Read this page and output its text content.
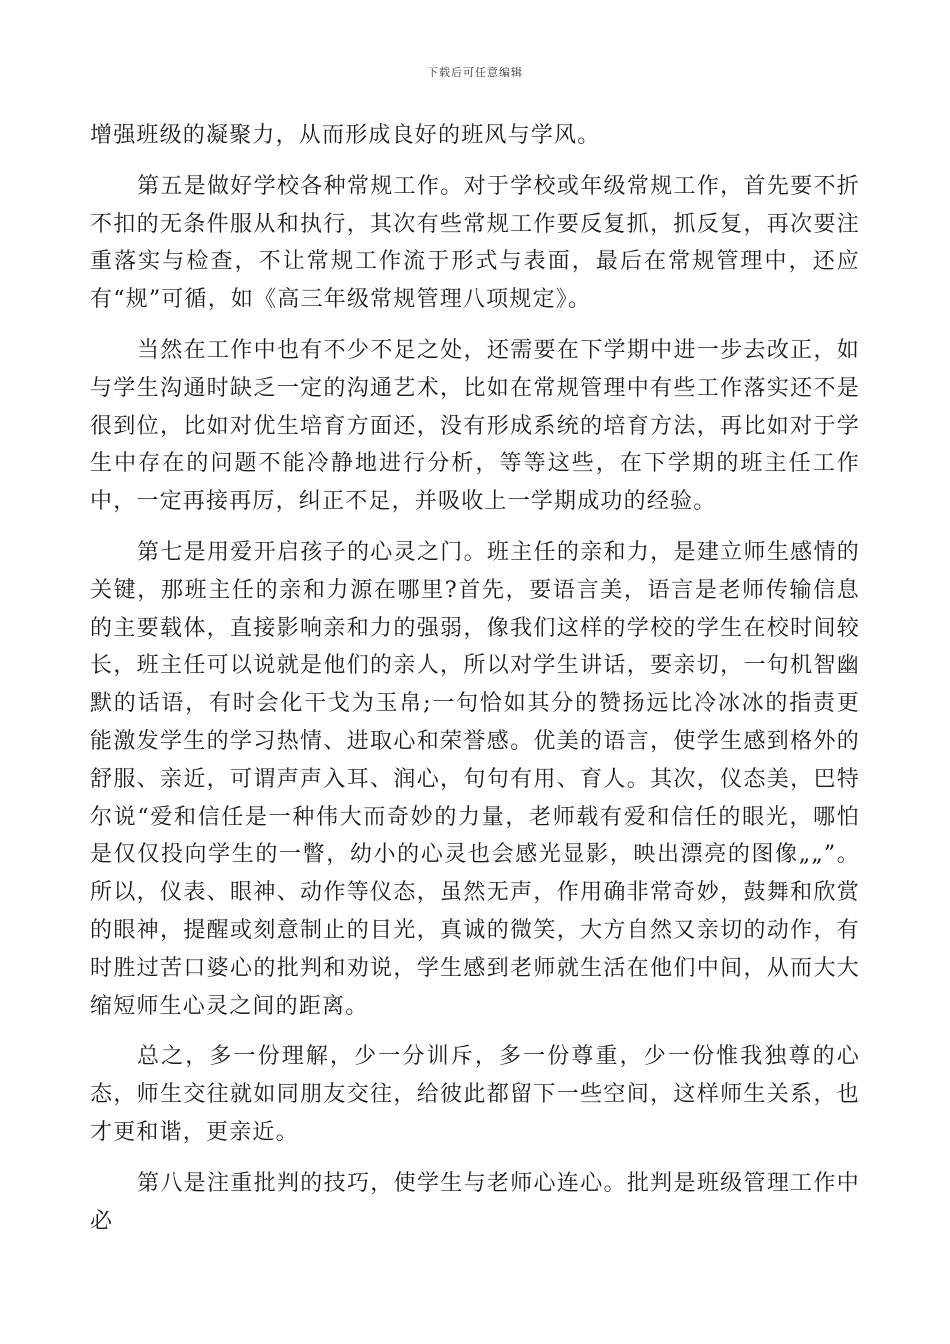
下载后可任意编辑

增强班级的凝聚力，从而形成良好的班风与学风。

第五是做好学校各种常规工作。对于学校或年级常规工作，首先要不折不扣的无条件服从和执行，其次有些常规工作要反复抓，抓反复，再次要注重落实与检查，不让常规工作流于形式与表面，最后在常规管理中，还应有“规”可循，如《高三年级常规管理八项规定》。

当然在工作中也有不少不足之处，还需要在下学期中进一步去改正，如与学生沟通时缺乏一定的沟通艺术，比如在常规管理中有些工作落实还不是很到位，比如对优生培育方面还，没有形成系统的培育方法，再比如对于学生中存在的问题不能冷静地进行分析，等等这些，在下学期的班主任工作中，一定再接再厉，纠正不足，并吸收上一学期成功的经验。

第七是用爱开启孩子的心灵之门。班主任的亲和力，是建立师生感情的关键，那班主任的亲和力源在哪里?首先，要语言美，语言是老师传输信息的主要载体，直接影响亲和力的强弱，像我们这样的学校的学生在校时间较长，班主任可以说就是他们的亲人，所以对学生讲话，要亲切，一句机智幽默的话语，有时会化干戈为玉帛;一句恰如其分的赞扬远比冷冰冰的指责更能激发学生的学习热情、进取心和荣誉感。优美的语言，使学生感到格外的舒服、亲近，可谓声声入耳、润心，句句有用、育人。其次，仪态美，巴特尔说“爱和信任是一种伟大而奇妙的力量，老师载有爱和信任的眼光，哪怕是仅仅投向学生的一瞥，幼小的心灵也会感光显影，映出漂亮的图像„„”。所以，仪表、眼神、动作等仪态，虽然无声，作用确非常奇妙，鼓舞和欣赏的眼神，提醒或刻意制止的目光，真诚的微笑，大方自然又亲切的动作，有时胜过苦口婆心的批判和劝说，学生感到老师就生活在他们中间，从而大大缩短师生心灵之间的距离。

总之，多一份理解，少一分训斥，多一份尊重，少一份惟我独尊的心态，师生交往就如同朋友交往，给彼此都留下一些空间，这样师生关系，也才更和谐，更亲近。

第八是注重批判的技巧，使学生与老师心连心。批判是班级管理工作中必
